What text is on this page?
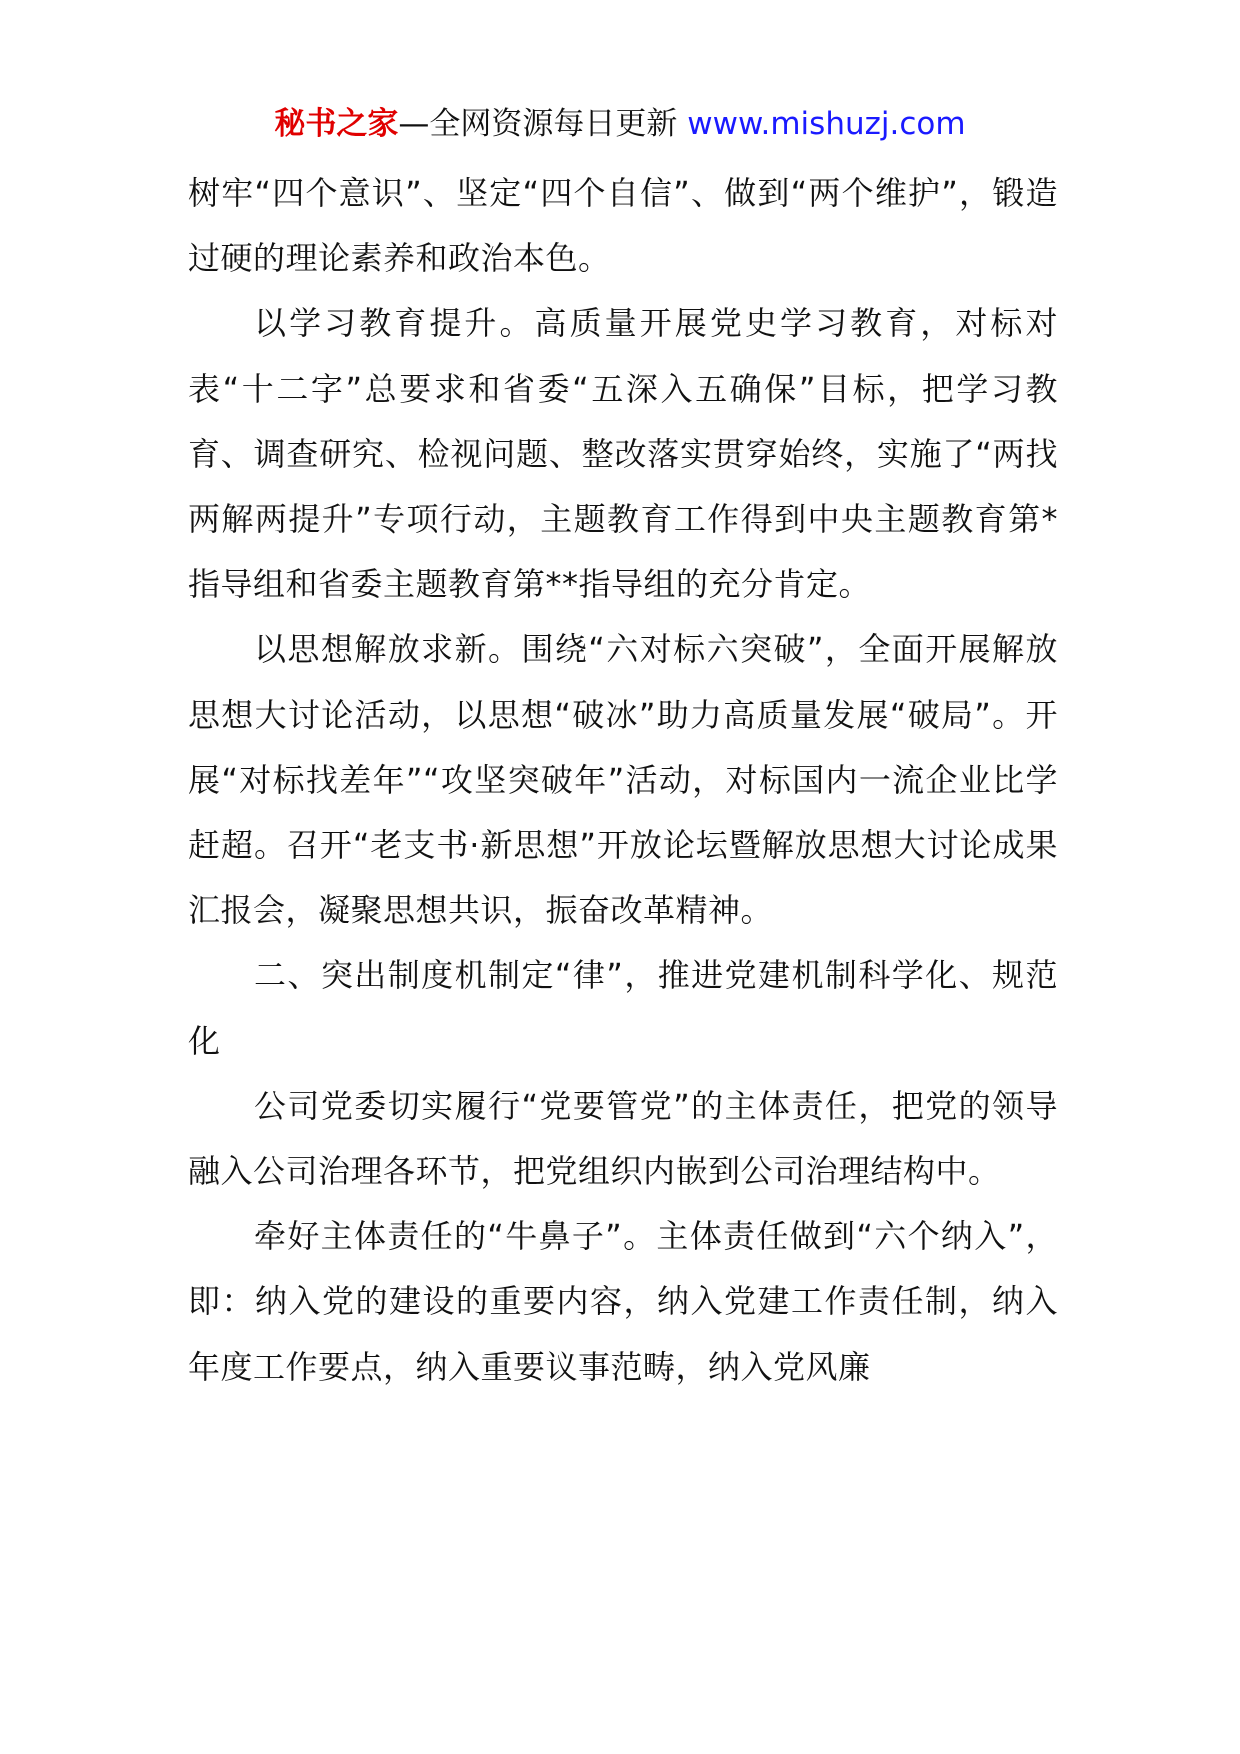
秘书之家—全网资源每日更新 www.mishuzj.com

树牢“四个意识”、坚定“四个自信”、做到“两个维护”，锻造过硬的理论素养和政治本色。

以学习教育提升。高质量开展党史学习教育，对标对表“十二字”总要求和省委“五深入五确保”目标，把学习教育、调查研究、检视问题、整改落实贯穿始终，实施了“两找两解两提升”专项行动，主题教育工作得到中央主题教育第*指导组和省委主题教育第**指导组的充分肯定。

以思想解放求新。围绕“六对标六突破”，全面开展解放思想大讨论活动，以思想“破冰”助力高质量发展“破局”。开展“对标找差年”“攻坚突破年”活动，对标国内一流企业比学赶超。召开“老支书·新思想”开放论坛暨解放思想大讨论成果汇报会，凝聚思想共识，振奋改革精神。

二、突出制度机制定“律”，推进党建机制科学化、规范化

公司党委切实履行“党要管党”的主体责任，把党的领导融入公司治理各环节，把党组织内嵌到公司治理结构中。

牵好主体责任的“牛鼻子”。主体责任做到“六个纳入”，即：纳入党的建设的重要内容，纳入党建工作责任制，纳入年度工作要点，纳入重要议事范畴，纳入党风廉
